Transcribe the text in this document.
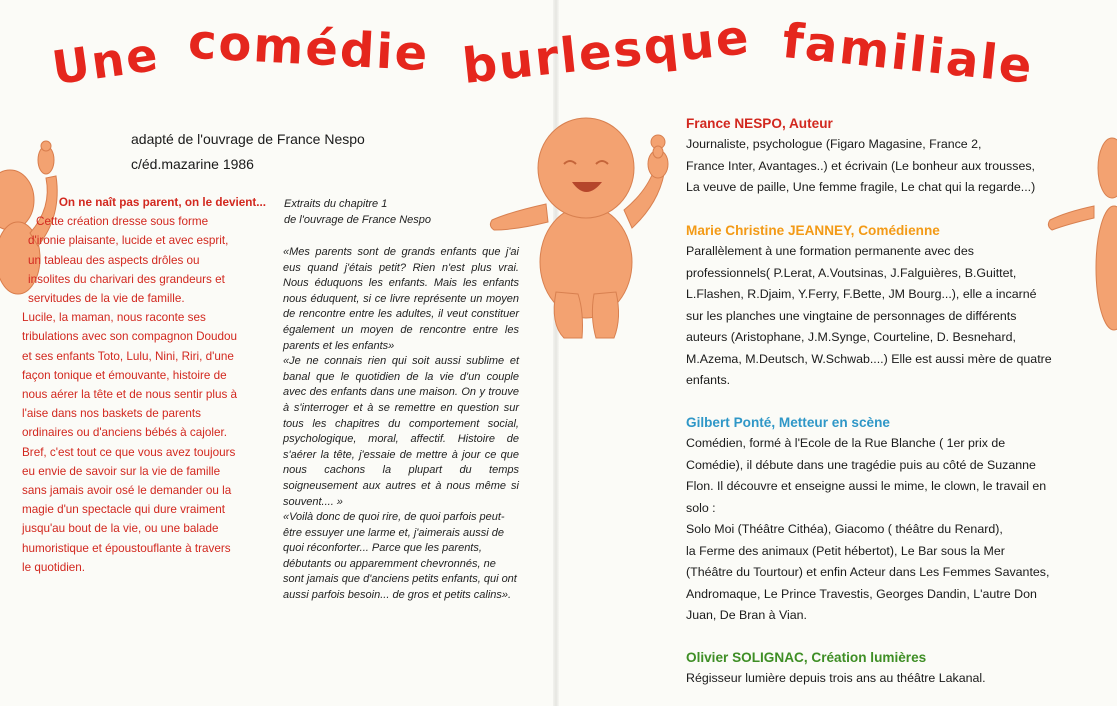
Une comédie burlesque familiale
adapté de l'ouvrage de France Nespo
c/éd.mazarine 1986

On ne naît pas parent, on le devient...

Cette création dresse sous forme

d'ironie plaisante, lucide et avec esprit,

un tableau des aspects drôles ou

insolites du charivari des grandeurs et

servitudes de la vie de famille.

Lucile, la maman, nous raconte ses

tribulations avec son compagnon Doudou

et ses enfants Toto, Lulu, Nini, Riri, d'une

façon tonique et émouvante, histoire de

nous aérer la tête et de nous sentir plus à

l'aise dans nos baskets de parents

ordinaires ou d'anciens bébés à cajoler.

Bref, c'est tout ce que vous avez toujours

eu envie de savoir sur la vie de famille

sans jamais avoir osé le demander ou la

magie d'un spectacle qui dure vraiment

jusqu'au bout de la vie, ou une balade

humoristique et époustouflante à travers

le quotidien.

Extraits du chapitre 1
de l'ouvrage de France Nespo

«Mes parents sont de grands enfants que j'ai eus quand j'étais petit? Rien n'est plus vrai. Nous éduquons les enfants. Mais les enfants nous éduquent, si ce livre représente un moyen de rencontre entre les adultes, il veut constituer également un moyen de rencontre entre les parents et les enfants»

«Je ne connais rien qui soit aussi sublime et banal que le quotidien de la vie d'un couple avec des enfants dans une maison. On y trouve à s'interroger et à se remettre en question sur tous les chapitres du comportement social, psychologique, moral, affectif. Histoire de s'aérer la tête, j'essaie de mettre à jour ce que nous cachons la plupart du temps soigneusement aux autres et à nous même si souvent.... »

«Voilà donc de quoi rire, de quoi parfois peut-être essuyer une larme et, j'aimerais aussi de quoi réconforter... Parce que les parents, débutants ou apparemment chevronnés, ne sont jamais que d'anciens petits enfants, qui ont aussi parfois besoin... de gros et petits calins».

France NESPO, Auteur

Journaliste, psychologue (Figaro Magasine, France 2,

France Inter, Avantages..) et écrivain (Le bonheur aux trousses,

La veuve de paille, Une femme fragile, Le chat qui la regarde...)

Marie Christine JEANNEY, Comédienne

Parallèlement à une formation permanente avec des

professionnels( P.Lerat, A.Voutsinas, J.Falguières, B.Guittet,

L.Flashen, R.Djaim, Y.Ferry, F.Bette, JM Bourg...), elle a incarné

sur les planches une vingtaine de personnages de différents

auteurs (Aristophane, J.M.Synge, Courteline, D. Besnehard,

M.Azema, M.Deutsch, W.Schwab....) Elle est aussi mère de quatre

enfants.

Gilbert Ponté, Metteur en scène

Comédien, formé à l'Ecole de la Rue Blanche ( 1er prix de

Comédie), il débute dans une tragédie puis au côté de Suzanne

Flon. Il découvre et enseigne aussi le mime, le clown, le travail en

solo :

Solo Moi (Théâtre Cithéa), Giacomo ( théâtre du Renard),

la Ferme des animaux (Petit hébertot), Le Bar sous la Mer

(Théâtre du Tourtour) et enfin Acteur dans Les Femmes Savantes,

Andromaque, Le Prince Travestis, Georges Dandin, L'autre Don

Juan, De Bran à Vian.

Olivier SOLIGNAC, Création lumières

Régisseur lumière depuis trois ans au théâtre Lakanal.
